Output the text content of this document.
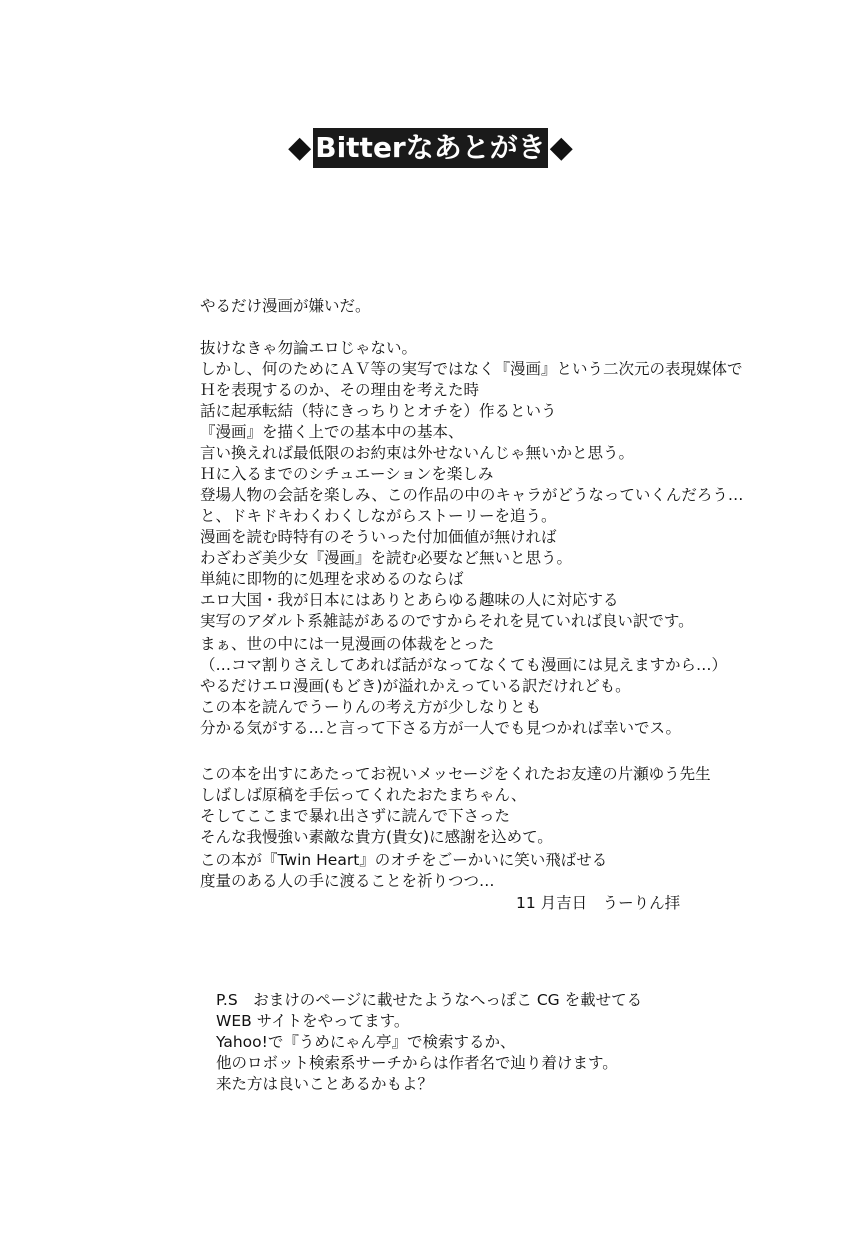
◆ Bitterなあとがき ◆
やるだけ漫画が嫌いだ。
抜けなきゃ勿論エロじゃない。
しかし、何のためにＡＶ等の実写ではなく『漫画』という二次元の表現媒体で
Ｈを表現するのか、その理由を考えた時
話に起承転結（特にきっちりとオチを）作るという
『漫画』を描く上での基本中の基本、
言い換えれば最低限のお約束は外せないんじゃ無いかと思う。
Ｈに入るまでのシチュエーションを楽しみ
登場人物の会話を楽しみ、この作品の中のキャラがどうなっていくんだろう…
と、ドキドキわくわくしながらストーリーを追う。
漫画を読む時特有のそういった付加価値が無ければ
わざわざ美少女『漫画』を読む必要など無いと思う。
単純に即物的に処理を求めるのならば
エロ大国・我が日本にはありとあらゆる趣味の人に対応する
実写のアダルト系雑誌があるのですからそれを見ていれば良い訳です。
まぁ、世の中には一見漫画の体裁をとった
（…コマ割りさえしてあれば話がなってなくても漫画には見えますから…）
やるだけエロ漫画(もどき)が溢れかえっている訳だけれども。
この本を読んでうーりんの考え方が少しなりとも
分かる気がする…と言って下さる方が一人でも見つかれば幸いでス。
この本を出すにあたってお祝いメッセージをくれたお友達の片瀬ゆう先生
しばしば原稿を手伝ってくれたおたまちゃん、
そしてここまで暴れ出さずに読んで下さった
そんな我慢強い素敵な貴方(貴女)に感謝を込めて。
この本が『Twin Heart』のオチをごーかいに笑い飛ばせる
度量のある人の手に渡ることを祈りつつ…
11 月吉日　うーりん拝
P.S　おまけのページに載せたようなへっぽこ CG を載せてる
WEB サイトをやってます。
Yahoo!で『うめにゃん亭』で検索するか、
他のロボット検索系サーチからは作者名で辿り着けます。
来た方は良いことあるかもよ？
